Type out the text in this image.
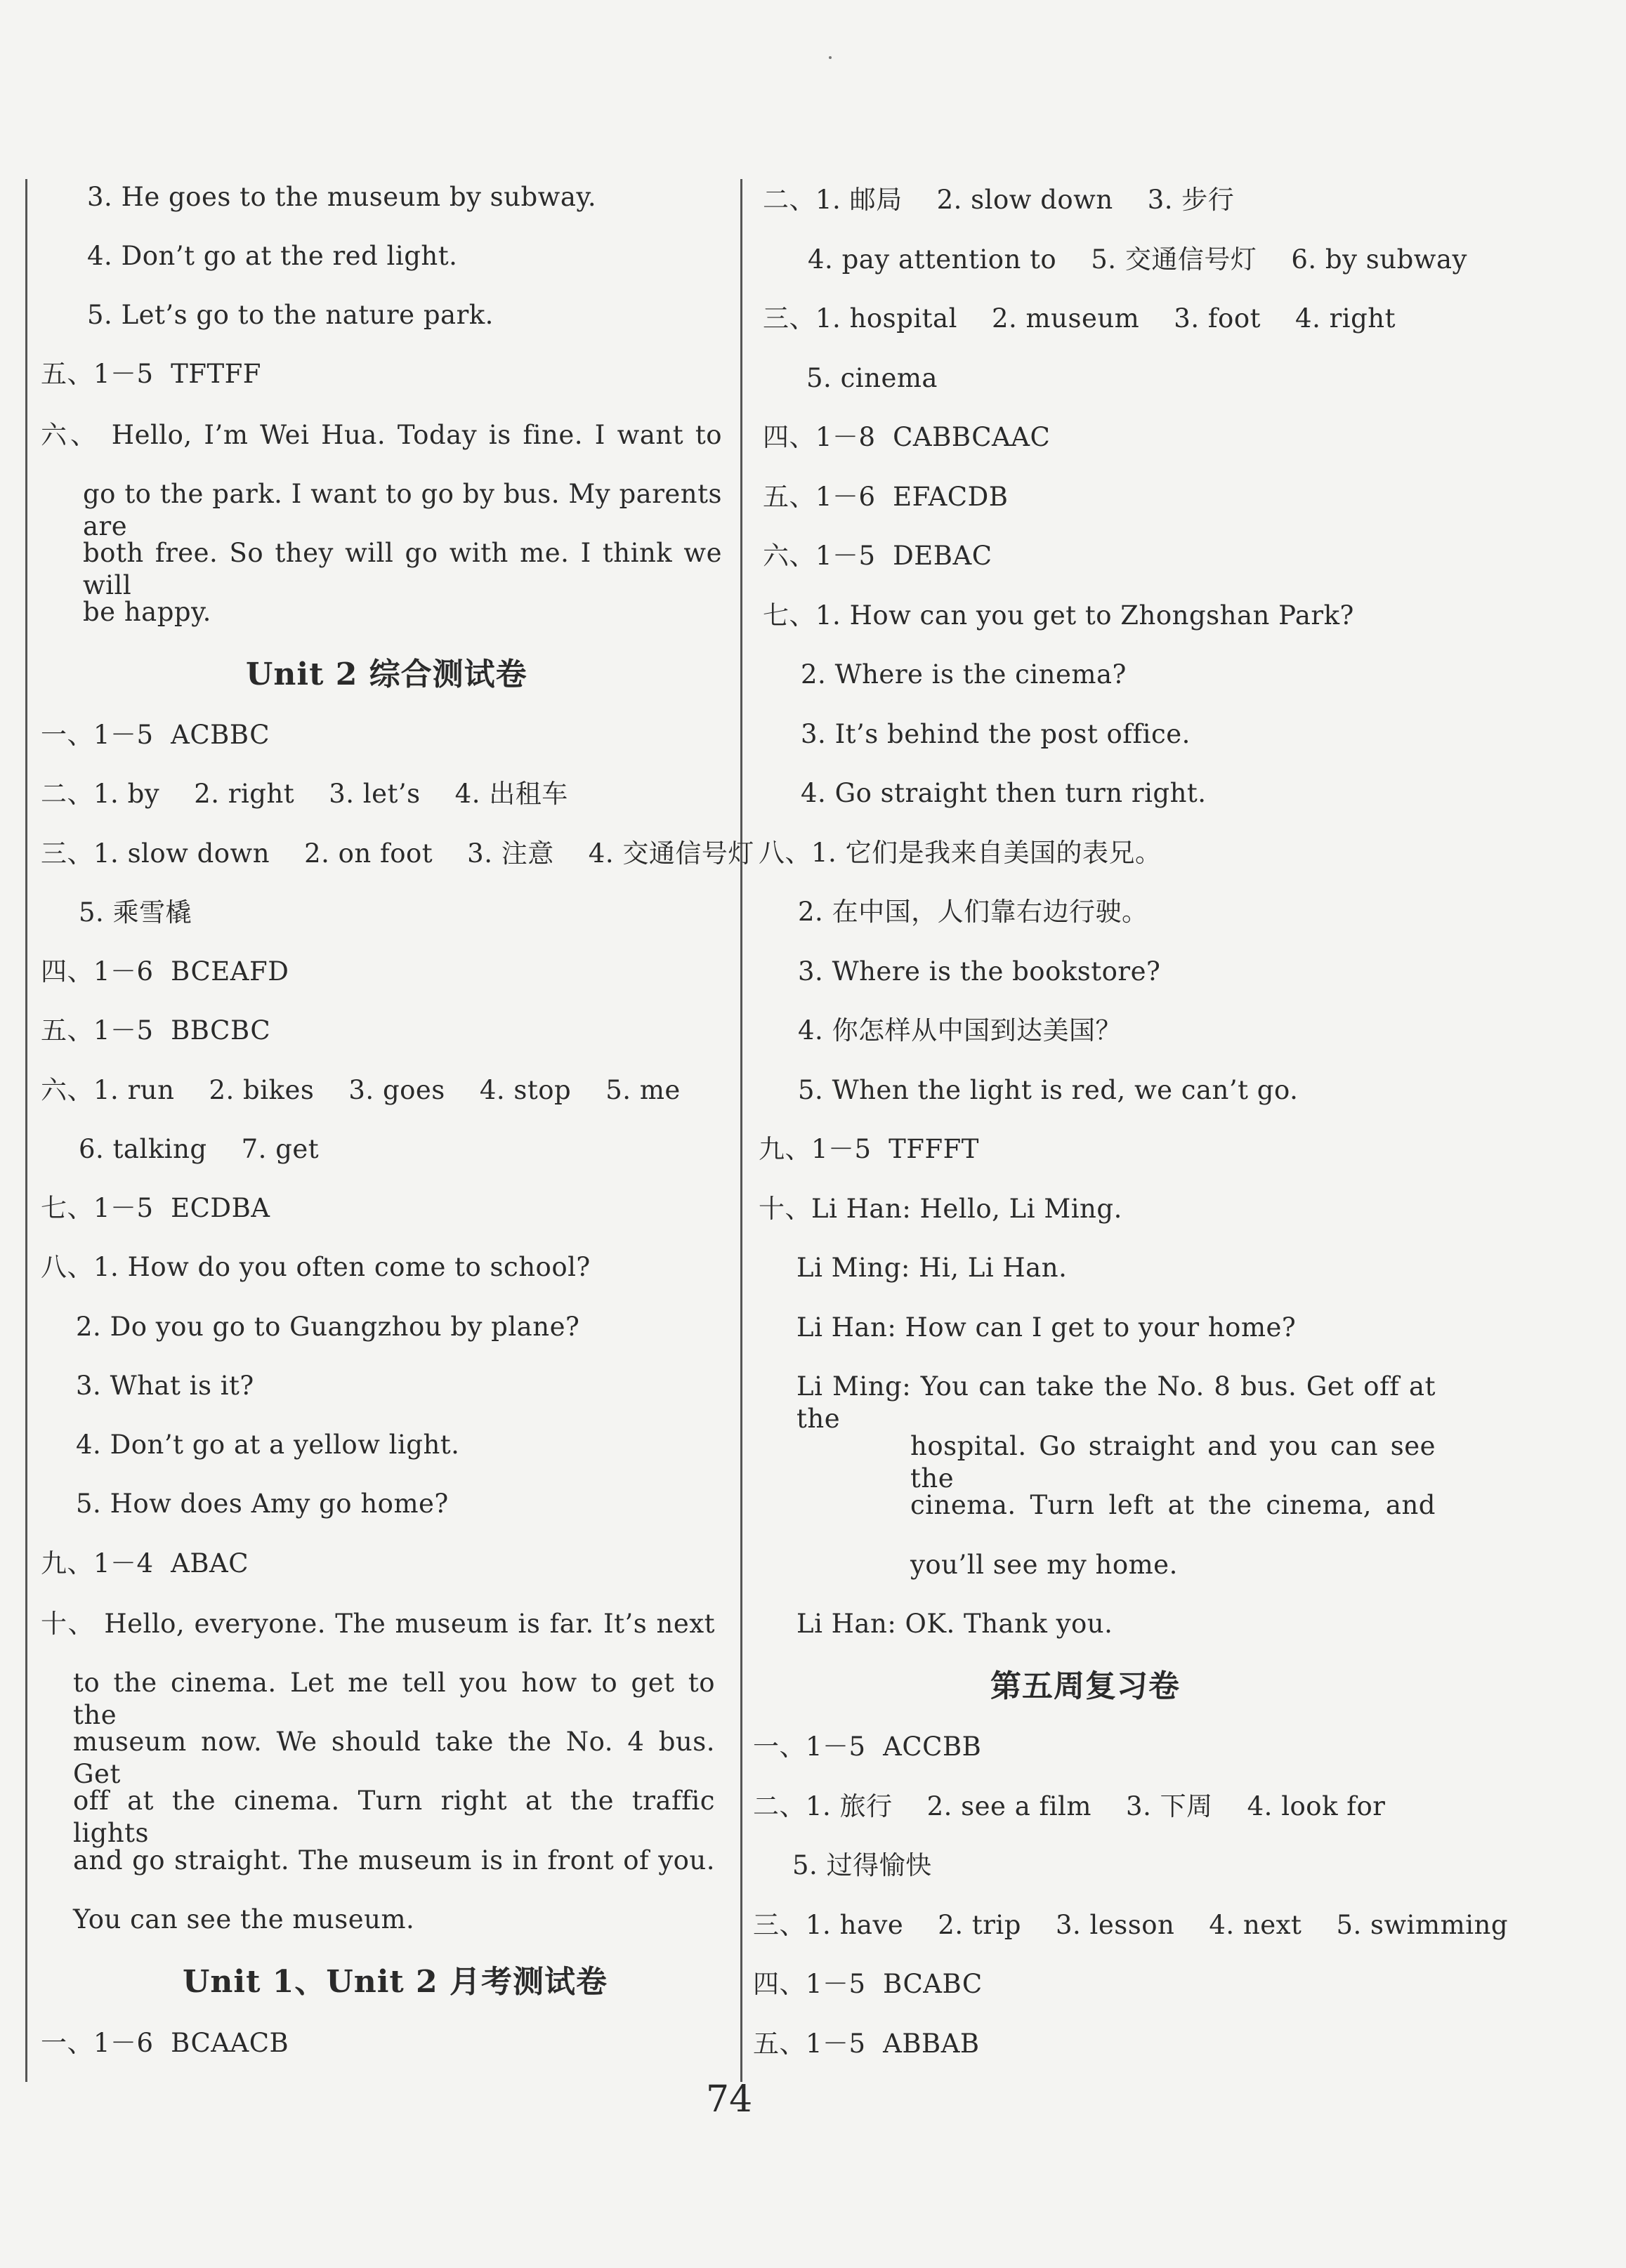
3. He goes to the museum by subway.
4. Don’t go at the red light.
5. Let’s go to the nature park.
五、1－5  TFTFF
六、 Hello, I’m Wei Hua. Today is fine. I want to
go to the park. I want to go by bus. My parents are
both free. So they will go with me. I think we will
be happy.
Unit 2 综合测试卷
一、1－5  ACBBC
二、1. by    2. right    3. let’s    4. 出租车
三、1. slow down    2. on foot    3. 注意    4. 交通信号灯
5. 乘雪橇
四、1－6  BCEAFD
五、1－5  BBCBC
六、1. run    2. bikes    3. goes    4. stop    5. me
6. talking    7. get
七、1－5  ECDBA
八、1. How do you often come to school?
2. Do you go to Guangzhou by plane?
3. What is it?
4. Don’t go at a yellow light.
5. How does Amy go home?
九、1－4  ABAC
十、 Hello, everyone. The museum is far. It’s next
to the cinema. Let me tell you how to get to the
museum now. We should take the No. 4 bus. Get
off at the cinema. Turn right at the traffic lights
and go straight. The museum is in front of you.
You can see the museum.
Unit 1、Unit 2 月考测试卷
一、1－6  BCAACB
二、1. 邮局    2. slow down    3. 步行
4. pay attention to    5. 交通信号灯    6. by subway
三、1. hospital    2. museum    3. foot    4. right
5. cinema
四、1－8  CABBCAAC
五、1－6  EFACDB
六、1－5  DEBAC
七、1. How can you get to Zhongshan Park?
2. Where is the cinema?
3. It’s behind the post office.
4. Go straight then turn right.
八、1. 它们是我来自美国的表兄。
2. 在中国，人们靠右边行驶。
3. Where is the bookstore?
4. 你怎样从中国到达美国？
5. When the light is red, we can’t go.
九、1－5  TFFFT
十、Li Han: Hello, Li Ming.
Li Ming: Hi, Li Han.
Li Han: How can I get to your home?
Li Ming: You can take the No. 8 bus. Get off at the
hospital. Go straight and you can see the
cinema. Turn left at the cinema, and
you’ll see my home.
Li Han: OK. Thank you.
第五周复习卷
一、1－5  ACCBB
二、1. 旅行    2. see a film    3. 下周    4. look for
5. 过得愉快
三、1. have    2. trip    3. lesson    4. next    5. swimming
四、1－5  BCABC
五、1－5  ABBAB
74
